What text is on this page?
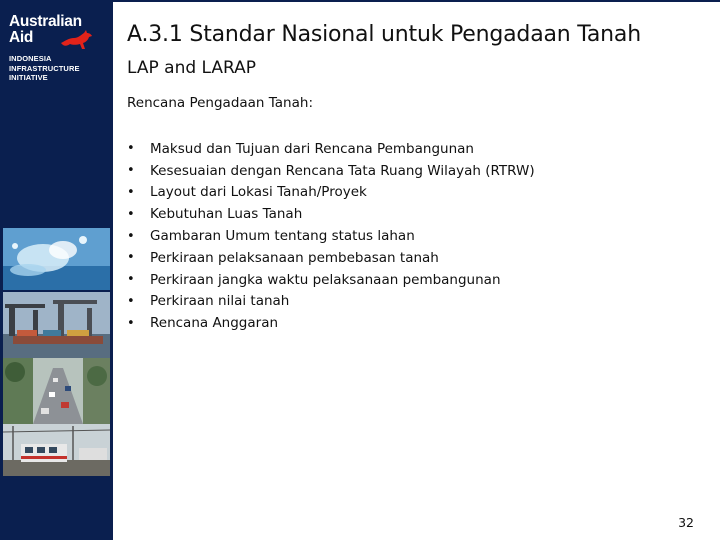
Australian
Aid
INDONESIA
INFRASTRUCTURE
INITIATIVE
A.3.1 Standar Nasional untuk Pengadaan Tanah
LAP and LARAP
Rencana Pengadaan Tanah:
•	Maksud dan Tujuan dari Rencana Pembangunan
•	Kesesuaian dengan Rencana Tata Ruang Wilayah (RTRW)
•	Layout dari Lokasi Tanah/Proyek
•	Kebutuhan Luas Tanah
•	Gambaran Umum tentang status lahan
•	Perkiraan pelaksanaan pembebasan tanah
•	Perkiraan jangka waktu pelaksanaan pembangunan
•	Perkiraan nilai tanah
•	Rencana Anggaran
32
